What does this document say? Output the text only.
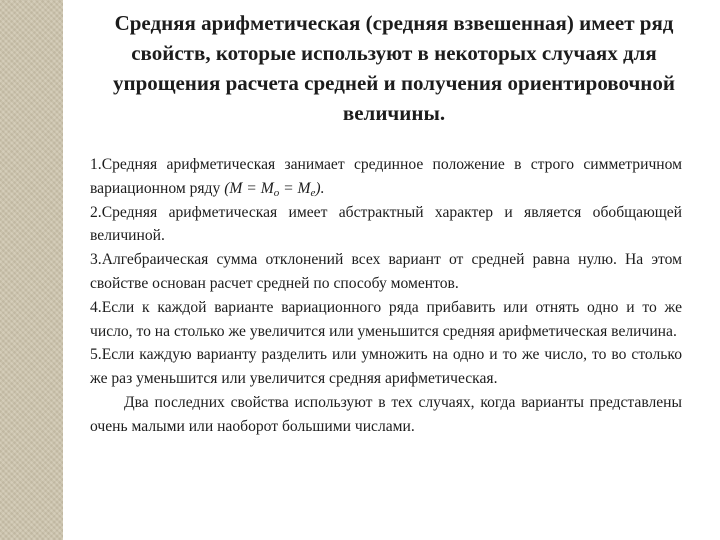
Средняя арифметическая (средняя взвешенная) имеет ряд свойств, которые используют в некоторых случаях для упрощения расчета средней и получения ориентировочной величины.

1.Средняя арифметическая занимает срединное положение в строго симметричном вариационном ряду $(M = M_o = M_e)$.

2.Средняя арифметическая имеет абстрактный характер и является обобщающей величиной.

3.Алгебраическая сумма отклонений всех вариант от средней равна нулю. На этом свойстве основан расчет средней по способу моментов.

4.Если к каждой варианте вариационного ряда прибавить или отнять одно и то же число, то на столько же увеличится или уменьшится средняя арифметическая величина.

5.Если каждую варианту разделить или умножить на одно и то же число, то во столько же раз уменьшится или увеличится средняя арифметическая.

Два последних свойства используют в тех случаях, когда варианты представлены очень малыми или наоборот большими числами.
